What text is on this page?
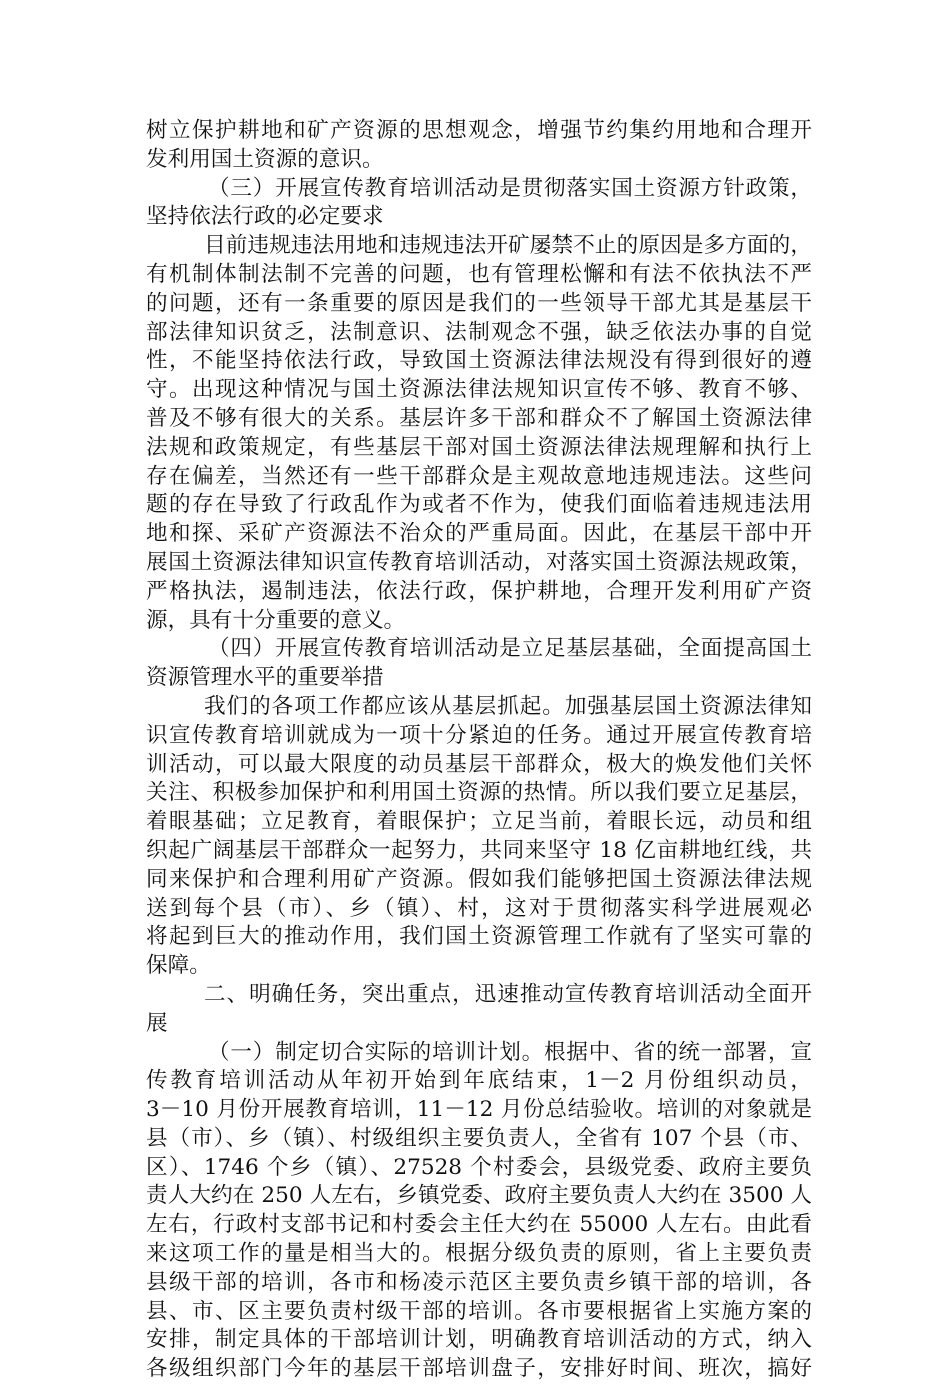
树立保护耕地和矿产资源的思想观念，增强节约集约用地和合理开
发利用国土资源的意识。
（三）开展宣传教育培训活动是贯彻落实国土资源方针政策，
坚持依法行政的必定要求
目前违规违法用地和违规违法开矿屡禁不止的原因是多方面的，
有机制体制法制不完善的问题，也有管理松懈和有法不依执法不严
的问题，还有一条重要的原因是我们的一些领导干部尤其是基层干
部法律知识贫乏，法制意识、法制观念不强，缺乏依法办事的自觉
性，不能坚持依法行政，导致国土资源法律法规没有得到很好的遵
守。出现这种情况与国土资源法律法规知识宣传不够、教育不够、
普及不够有很大的关系。基层许多干部和群众不了解国土资源法律
法规和政策规定，有些基层干部对国土资源法律法规理解和执行上
存在偏差，当然还有一些干部群众是主观故意地违规违法。这些问
题的存在导致了行政乱作为或者不作为，使我们面临着违规违法用
地和探、采矿产资源法不治众的严重局面。因此，在基层干部中开
展国土资源法律知识宣传教育培训活动，对落实国土资源法规政策，
严格执法，遏制违法，依法行政，保护耕地，合理开发利用矿产资
源，具有十分重要的意义。
（四）开展宣传教育培训活动是立足基层基础，全面提高国土
资源管理水平的重要举措
我们的各项工作都应该从基层抓起。加强基层国土资源法律知
识宣传教育培训就成为一项十分紧迫的任务。通过开展宣传教育培
训活动，可以最大限度的动员基层干部群众，极大的焕发他们关怀
关注、积极参加保护和利用国土资源的热情。所以我们要立足基层，
着眼基础；立足教育，着眼保护；立足当前，着眼长远，动员和组
织起广阔基层干部群众一起努力，共同来坚守 18 亿亩耕地红线，共
同来保护和合理利用矿产资源。假如我们能够把国土资源法律法规
送到每个县（市）、乡（镇）、村，这对于贯彻落实科学进展观必
将起到巨大的推动作用，我们国土资源管理工作就有了坚实可靠的
保障。
二、明确任务，突出重点，迅速推动宣传教育培训活动全面开
展
（一）制定切合实际的培训计划。根据中、省的统一部署，宣
传教育培训活动从年初开始到年底结束，1－2 月份组织动员，
3－10 月份开展教育培训，11－12 月份总结验收。培训的对象就是
县（市）、乡（镇）、村级组织主要负责人，全省有 107 个县（市、
区）、1746 个乡（镇）、27528 个村委会，县级党委、政府主要负
责人大约在 250 人左右，乡镇党委、政府主要负责人大约在 3500 人
左右，行政村支部书记和村委会主任大约在 55000 人左右。由此看
来这项工作的量是相当大的。根据分级负责的原则，省上主要负责
县级干部的培训，各市和杨凌示范区主要负责乡镇干部的培训，各
县、市、区主要负责村级干部的培训。各市要根据省上实施方案的
安排，制定具体的干部培训计划，明确教育培训活动的方式，纳入
各级组织部门今年的基层干部培训盘子，安排好时间、班次，搞好
